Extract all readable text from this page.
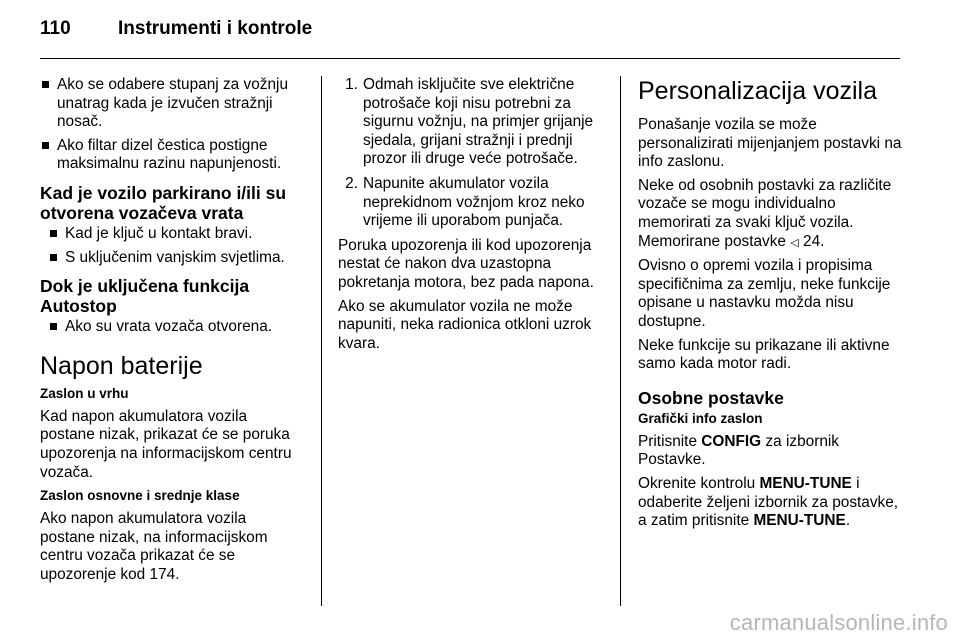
110	Instrumenti i kontrole
Ako se odabere stupanj za vožnju unatrag kada je izvučen stražnji nosač.
Ako filtar dizel čestica postigne maksimalnu razinu napunjenosti.
Kad je vozilo parkirano i/ili su otvorena vozačeva vrata
Kad je ključ u kontakt bravi.
S uključenim vanjskim svjetlima.
Dok je uključena funkcija Autostop
Ako su vrata vozača otvorena.
Napon baterije
Zaslon u vrhu

Kad napon akumulatora vozila postane nizak, prikazat će se poruka upozorenja na informacijskom centru vozača.

Zaslon osnovne i srednje klase

Ako napon akumulatora vozila postane nizak, na informacijskom centru vozača prikazat će se upozorenje kod 174.

1. Odmah isključite sve električne potrošače koji nisu potrebni za sigurnu vožnju, na primjer grijanje sjedala, grijani stražnji i prednji prozor ili druge veće potrošače.
2. Napunite akumulator vozila neprekidnom vožnjom kroz neko vrijeme ili uporabom punjača.

Poruka upozorenja ili kod upozorenja nestat će nakon dva uzastopna pokretanja motora, bez pada napona.

Ako se akumulator vozila ne može napuniti, neka radionica otkloni uzrok kvara.

Personalizacija vozila

Ponašanje vozila se može personalizirati mijenjanjem postavki na info zaslonu.

Neke od osobnih postavki za različite vozače se mogu individualno memorirati za svaki ključ vozila. Memorirane postavke ◁ 24.

Ovisno o opremi vozila i propisima specifičnima za zemlju, neke funkcije opisane u nastavku možda nisu dostupne.

Neke funkcije su prikazane ili aktivne samo kada motor radi.

Osobne postavke
Grafički info zaslon

Pritisnite CONFIG za izbornik Postavke.

Okrenite kontrolu MENU-TUNE i odaberite željeni izbornik za postavke, a zatim pritisnite MENU-TUNE.

carmanualsonline.info
